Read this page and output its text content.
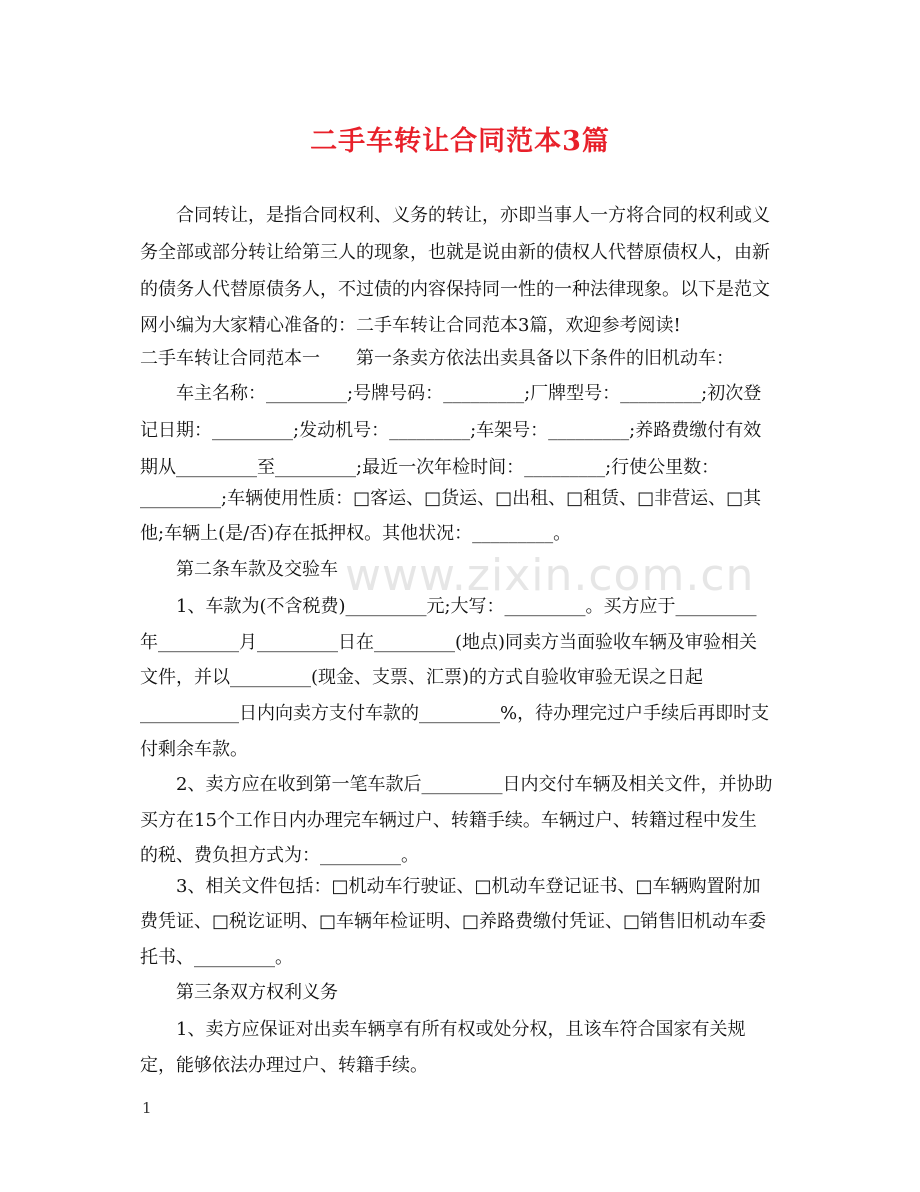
www.zixin.com.cn
二手车转让合同范本3篇
　　合同转让，是指合同权利、义务的转让，亦即当事人一方将合同的权利或义
务全部或部分转让给第三人的现象，也就是说由新的债权人代替原债权人，由新
的债务人代替原债务人，不过债的内容保持同一性的一种法律现象。以下是范文
网小编为大家精心准备的：二手车转让合同范本3篇，欢迎参考阅读!
二手车转让合同范本一　　第一条卖方依法出卖具备以下条件的旧机动车：
　　车主名称：_________;号牌号码：_________;厂牌型号：_________;初次登
记日期：_________;发动机号：_________;车架号：_________;养路费缴付有效
期从_________至_________;最近一次年检时间：_________;行使公里数：
_________;车辆使用性质：□客运、□货运、□出租、□租赁、□非营运、□其
他;车辆上(是/否)存在抵押权。其他状况：_________。
　　第二条车款及交验车
　　1、车款为(不含税费)_________元;大写：_________。买方应于_________
年_________月_________日在_________(地点)同卖方当面验收车辆及审验相关
文件，并以_________(现金、支票、汇票)的方式自验收审验无误之日起
___________日内向卖方支付车款的_________%，待办理完过户手续后再即时支
付剩余车款。
　　2、卖方应在收到第一笔车款后_________日内交付车辆及相关文件，并协助
买方在15个工作日内办理完车辆过户、转籍手续。车辆过户、转籍过程中发生
的税、费负担方式为：_________。
　　3、相关文件包括：□机动车行驶证、□机动车登记证书、□车辆购置附加
费凭证、□税讫证明、□车辆年检证明、□养路费缴付凭证、□销售旧机动车委
托书、_________。
　　第三条双方权利义务
　　1、卖方应保证对出卖车辆享有所有权或处分权，且该车符合国家有关规
定，能够依法办理过户、转籍手续。
1
